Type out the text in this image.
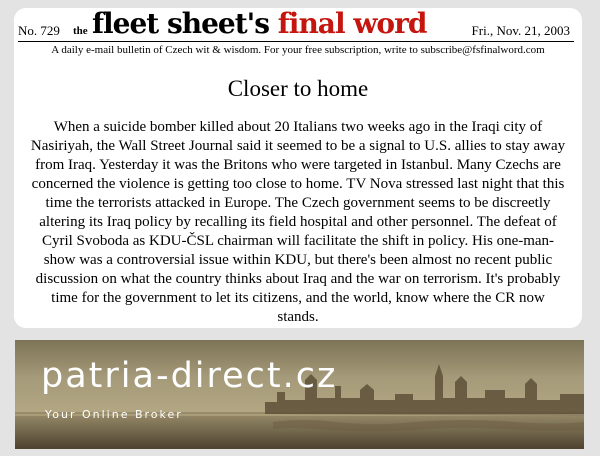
No. 729 the fleet sheet's final word	Fri., Nov. 21, 2003
A daily e-mail bulletin of Czech wit & wisdom. For your free subscription, write to subscribe@fsfinalword.com
Closer to home

When a suicide bomber killed about 20 Italians two weeks ago in the Iraqi city of Nasiriyah, the Wall Street Journal said it seemed to be a signal to U.S. allies to stay away from Iraq. Yesterday it was the Britons who were targeted in Istanbul. Many Czechs are concerned the violence is getting too close to home. TV Nova stressed last night that this time the terrorists attacked in Europe. The Czech government seems to be discreetly altering its Iraq policy by recalling its field hospital and other personnel. The defeat of Cyril Svoboda as KDU-ČSL chairman will facilitate the shift in policy. His one-man-show was a controversial issue within KDU, but there's been almost no recent public discussion on what the country thinks about Iraq and the war on terrorism. It's probably time for the government to let its citizens, and the world, know where the CR now stands.

patria-direct.cz
Your Online Broker
